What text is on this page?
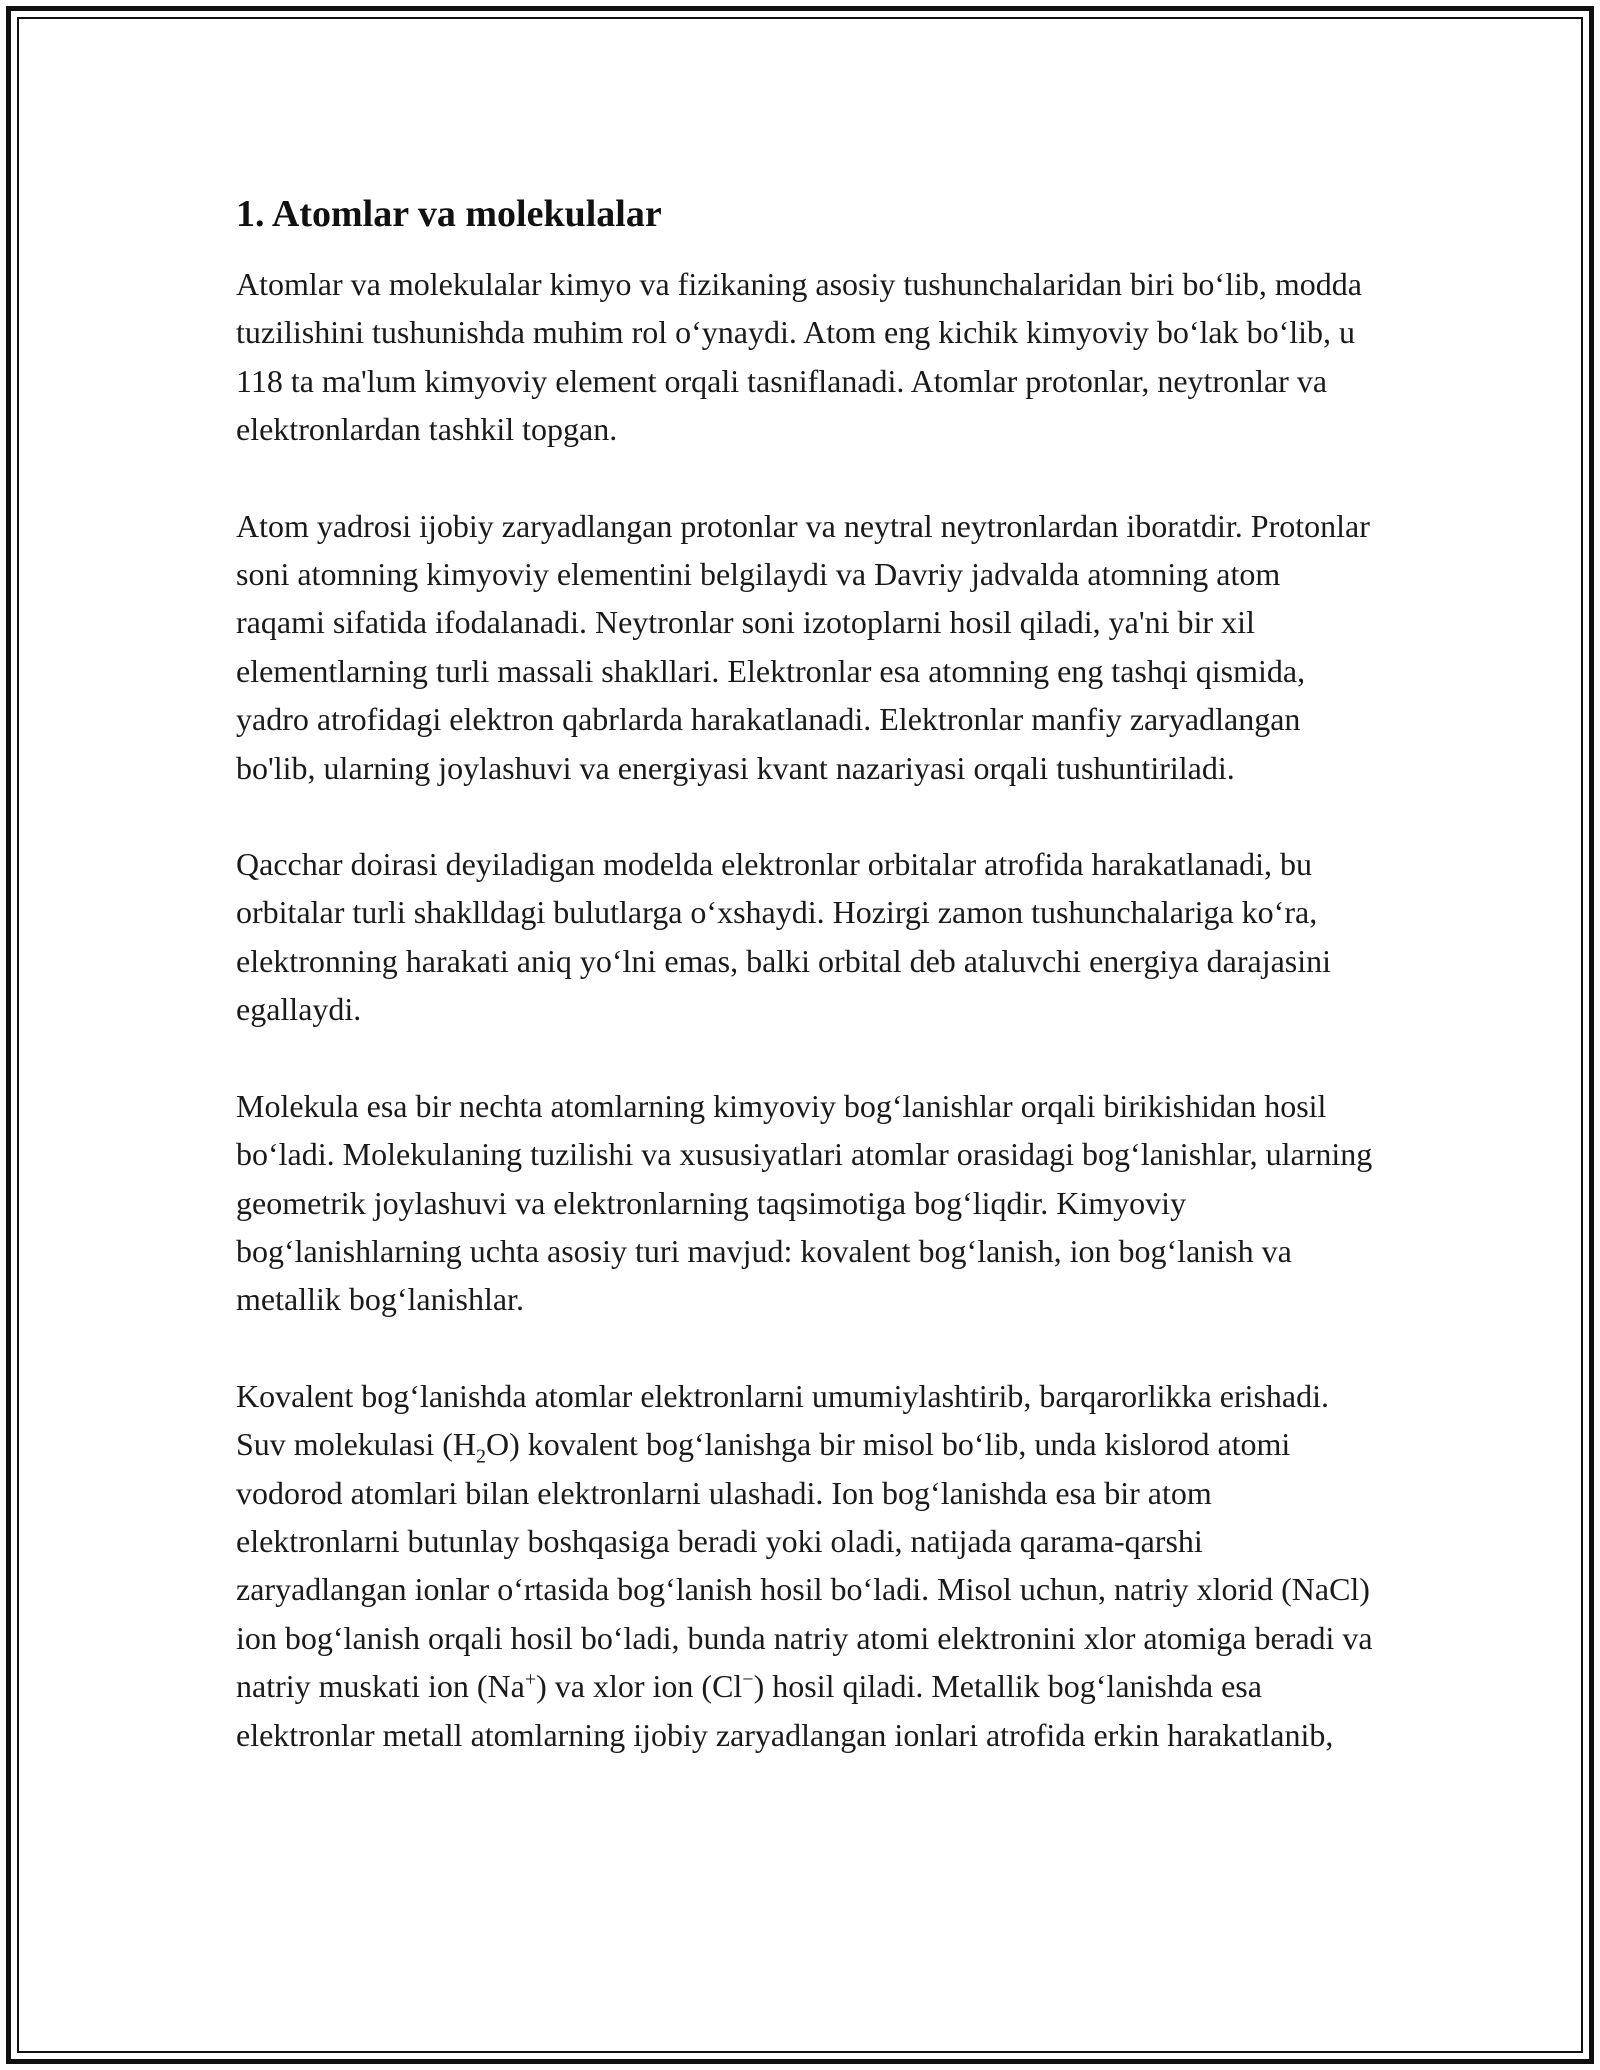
1. Atomlar va molekulalar

Atomlar va molekulalar kimyo va fizikaning asosiy tushunchalaridan biri bo‘lib, modda tuzilishini tushunishda muhim rol o‘ynaydi. Atom eng kichik kimyoviy bo‘lak bo‘lib, u 118 ta ma'lum kimyoviy element orqali tasniflanadi. Atomlar protonlar, neytronlar va elektronlardan tashkil topgan.

Atom yadrosi ijobiy zaryadlangan protonlar va neytral neytronlardan iboratdir. Protonlar soni atomning kimyoviy elementini belgilaydi va Davriy jadvalda atomning atom raqami sifatida ifodalanadi. Neytronlar soni izotoplarni hosil qiladi, ya'ni bir xil elementlarning turli massali shakllari. Elektronlar esa atomning eng tashqi qismida, yadro atrofidagi elektron qabrlarda harakatlanadi. Elektronlar manfiy zaryadlangan bo'lib, ularning joylashuvi va energiyasi kvant nazariyasi orqali tushuntiriladi.

Qacchar doirasi deyiladigan modelda elektronlar orbitalar atrofida harakatlanadi, bu orbitalar turli shaklldagi bulutlarga o‘xshaydi. Hozirgi zamon tushunchalariga ko‘ra, elektronning harakati aniq yo‘lni emas, balki orbital deb ataluvchi energiya darajasini egallaydi.

Molekula esa bir nechta atomlarning kimyoviy bog‘lanishlar orqali birikishidan hosil bo‘ladi. Molekulaning tuzilishi va xususiyatlari atomlar orasidagi bog‘lanishlar, ularning geometrik joylashuvi va elektronlarning taqsimotiga bog‘liqdir. Kimyoviy bog‘lanishlarning uchta asosiy turi mavjud: kovalent bog‘lanish, ion bog‘lanish va metallik bog‘lanishlar.

Kovalent bog‘lanishda atomlar elektronlarni umumiylashtirib, barqarorlikka erishadi. Suv molekulasi $(H_2O)$ kovalent bog‘lanishga bir misol bo‘lib, unda kislorod atomi vodorod atomlari bilan elektronlarni ulashadi. Ion bog‘lanishda esa bir atom elektronlarni butunlay boshqasiga beradi yoki oladi, natijada qarama-qarshi zaryadlangan ionlar o‘rtasida bog‘lanish hosil bo‘ladi. Misol uchun, natriy xlorid (NaCl) ion bog‘lanish orqali hosil bo‘ladi, bunda natriy atomi elektronini xlor atomiga beradi va natriy muskati ion (Na+) va xlor ion (Cl−) hosil qiladi. Metallik bog‘lanishda esa elektronlar metall atomlarning ijobiy zaryadlangan ionlari atrofida erkin harakatlanib,
